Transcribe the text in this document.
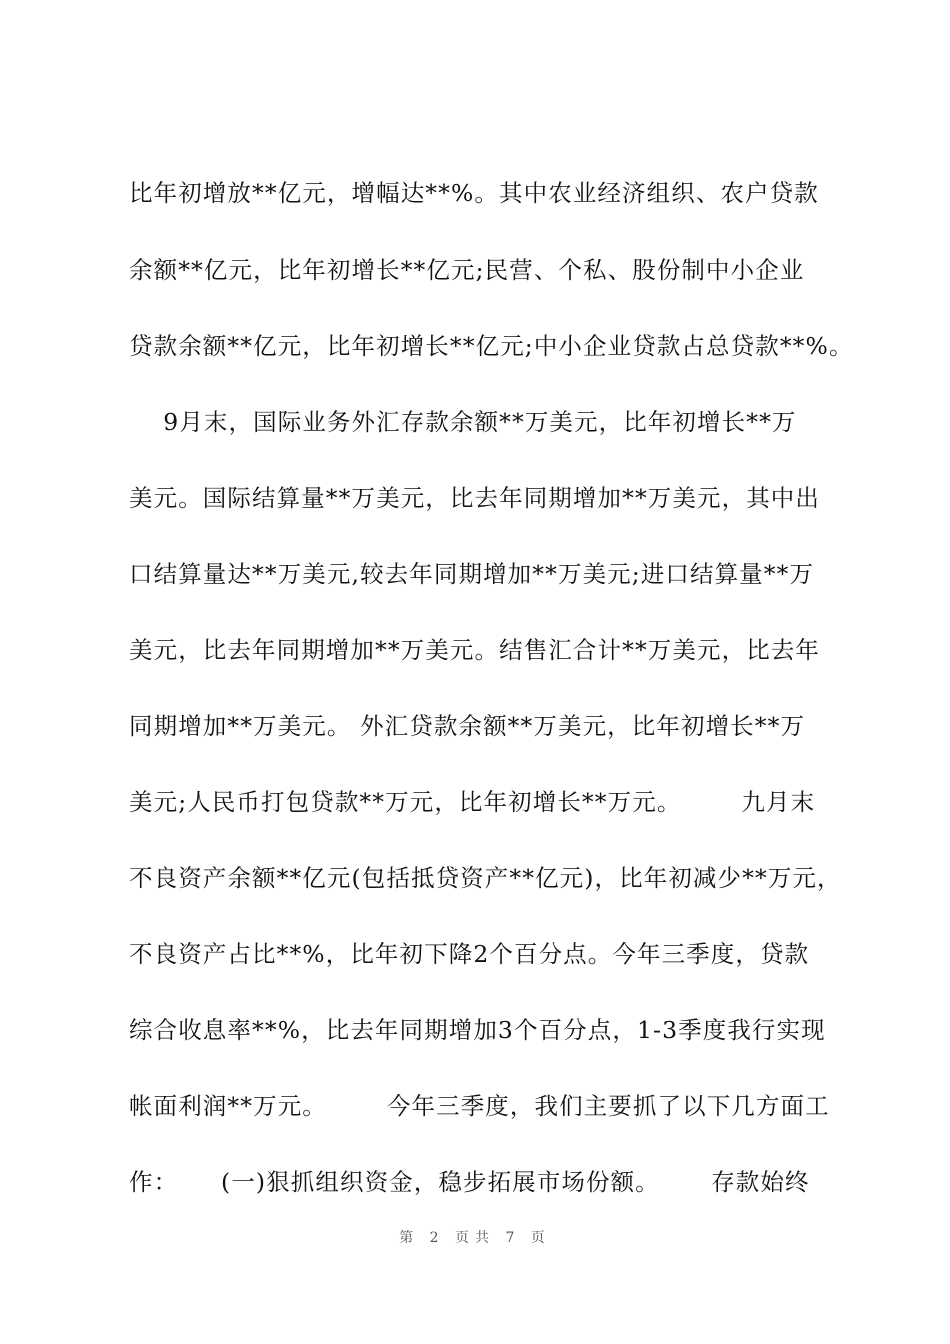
比年初增放**亿元，增幅达**%。其中农业经济组织、农户贷款
余额**亿元，比年初增长**亿元;民营、个私、股份制中小企业
贷款余额**亿元，比年初增长**亿元;中小企业贷款占总贷款**%。
9月末，国际业务外汇存款余额**万美元，比年初增长**万
美元。国际结算量**万美元，比去年同期增加**万美元，其中出
口结算量达**万美元,较去年同期增加**万美元;进口结算量**万
美元，比去年同期增加**万美元。结售汇合计**万美元，比去年
同期增加**万美元。 外汇贷款余额**万美元，比年初增长**万
美元;人民币打包贷款**万元，比年初增长**万元。       九月末
不良资产余额**亿元(包括抵贷资产**亿元)，比年初减少**万元，
不良资产占比**%，比年初下降2个百分点。今年三季度，贷款
综合收息率**%，比去年同期增加3个百分点，1-3季度我行实现
帐面利润**万元。       今年三季度，我们主要抓了以下几方面工
作：     (一)狠抓组织资金，稳步拓展市场份额。      存款始终
第 2 页共 7 页
